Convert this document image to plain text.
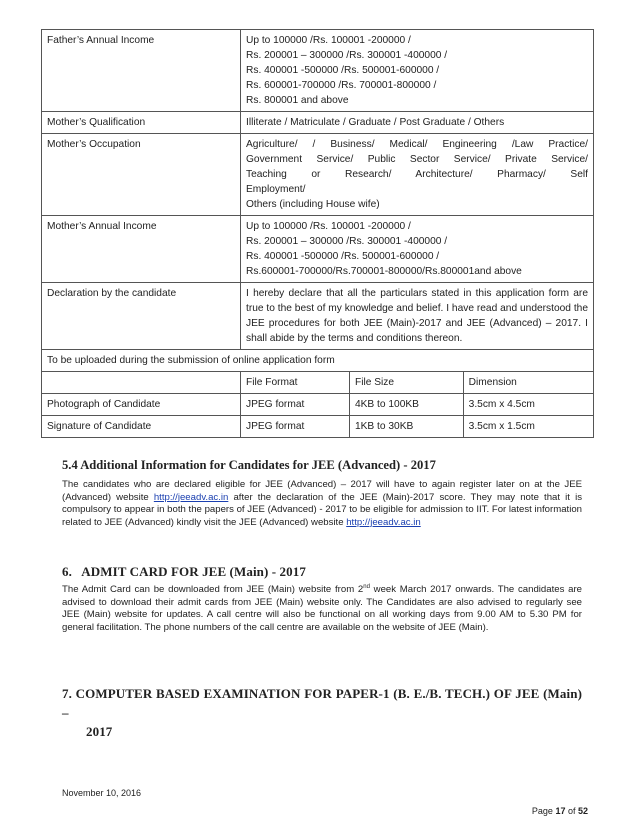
Father’s Annual Income	Up to 100000 /Rs. 100001 -200000 /
Rs. 200001 – 300000 /Rs. 300001 -400000 /
Rs. 400001 -500000 /Rs. 500001-600000 /
Rs. 600001-700000 /Rs. 700001-800000 /
Rs. 800001 and above		

Mother’s Qualification	Illiterate / Matriculate / Graduate / Post Graduate / Others		
Mother’s Occupation	Agriculture/ / Business/ Medical/ Engineering /Law Practice/
Government Service/ Public Sector Service/ Private Service/
Teaching or Research/ Architecture/ Pharmacy/ Self
Employment/
Others (including House wife)		

Mother’s Annual Income	Up to 100000 /Rs. 100001 -200000 /
Rs. 200001 – 300000 /Rs. 300001 -400000 /
Rs. 400001 -500000 /Rs. 500001-600000 /
Rs.600001-700000/Rs.700001-800000/Rs.800001and above		

Declaration by the candidate	I hereby declare that all the particulars stated in this application form are true to the best of my knowledge and belief. I have read and understood the JEE procedures for both JEE (Main)-2017 and JEE (Advanced) – 2017. I shall abide by the terms and conditions thereon.		
To be uploaded during the submission of online application form			
	File Format	File Size	Dimension
Photograph of Candidate	JPEG format	4KB to 100KB	3.5cm x 4.5cm
Signature of Candidate	JPEG format	1KB to 30KB	3.5cm x 1.5cm
5.4 Additional Information for Candidates for JEE (Advanced) - 2017
The candidates who are declared eligible for JEE (Advanced) – 2017 will have to again register later on at the JEE (Advanced) website http://jeeadv.ac.in after the declaration of the JEE (Main)-2017 score. They may note that it is compulsory to appear in both the papers of JEE (Advanced) - 2017 to be eligible for admission to IIT. For latest information related to JEE (Advanced) kindly visit the JEE (Advanced) website http://jeeadv.ac.in
6.   ADMIT CARD FOR JEE (Main) - 2017
The Admit Card can be downloaded from JEE (Main) website from 2nd week March 2017 onwards. The candidates are advised to download their admit cards from JEE (Main) website only. The Candidates are also advised to regularly see JEE (Main) website for updates. A call centre will also be functional on all working days from 9.00 AM to 5.30 PM for general facilitation. The phone numbers of the call centre are available on the website of JEE (Main).
7. COMPUTER BASED EXAMINATION FOR PAPER-1 (B. E./B. TECH.) OF JEE (Main) –
2017
November 10, 2016
Page 17 of 52
